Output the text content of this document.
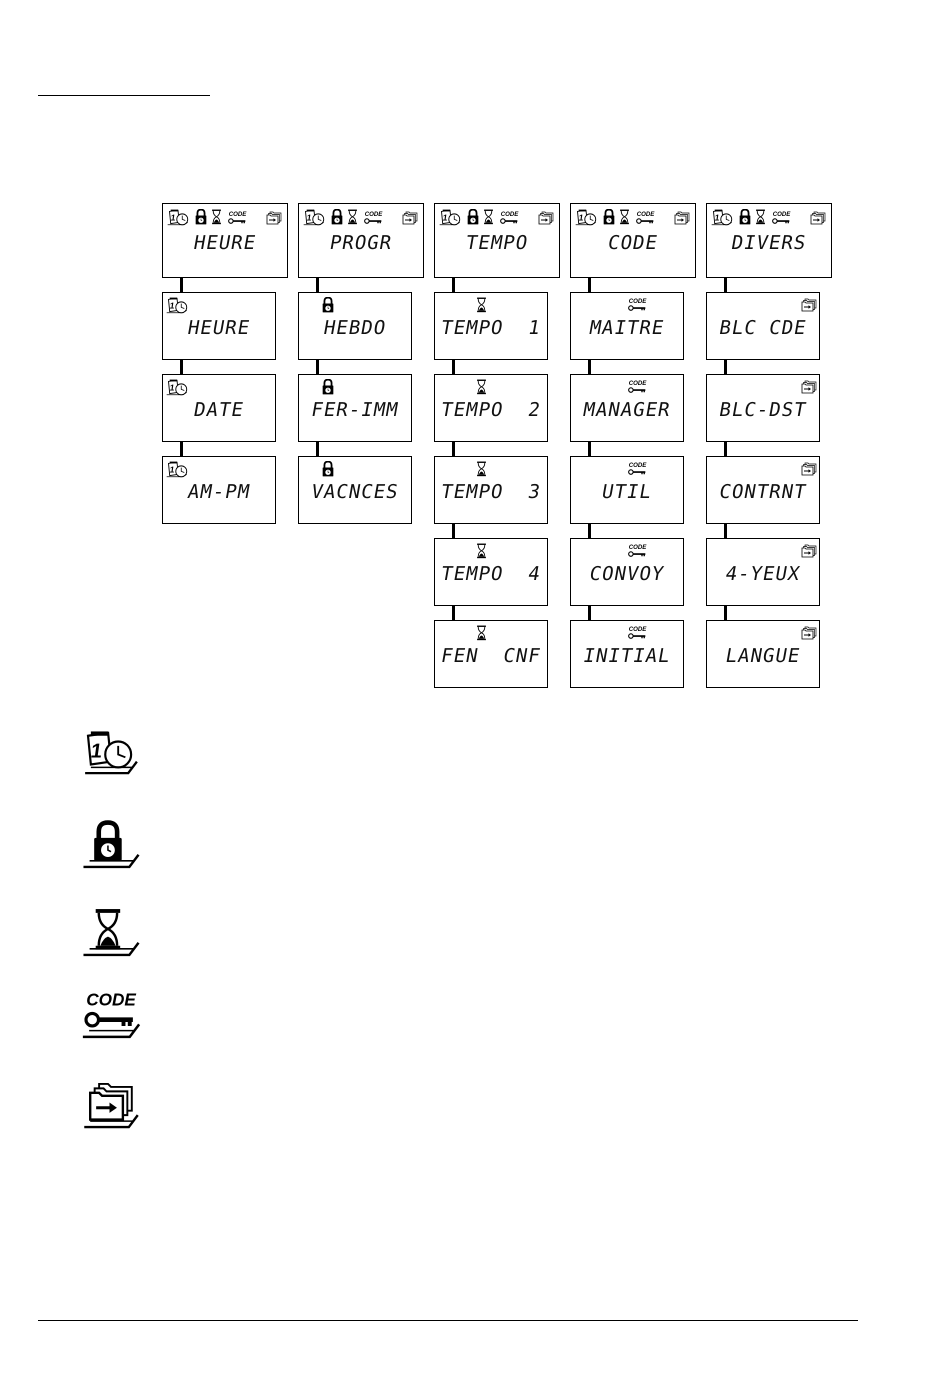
1	CODE
HEURE
1
HEURE
1
DATE
1
AM-PM
1	CODE
PROGR
HEBDO
FER-IMM
VACNCES
1	CODE
TEMPO
TEMPO  1
TEMPO  2
TEMPO  3
TEMPO  4
FEN  CNF
1	CODE
CODE
CODE
MAITRE
CODE
MANAGER
CODE
UTIL
CODE
CONVOY
CODE
INITIAL
1	CODE
DIVERS
BLC CDE
BLC-DST
CONTRNT
4-YEUX
LANGUE
1
CODE
